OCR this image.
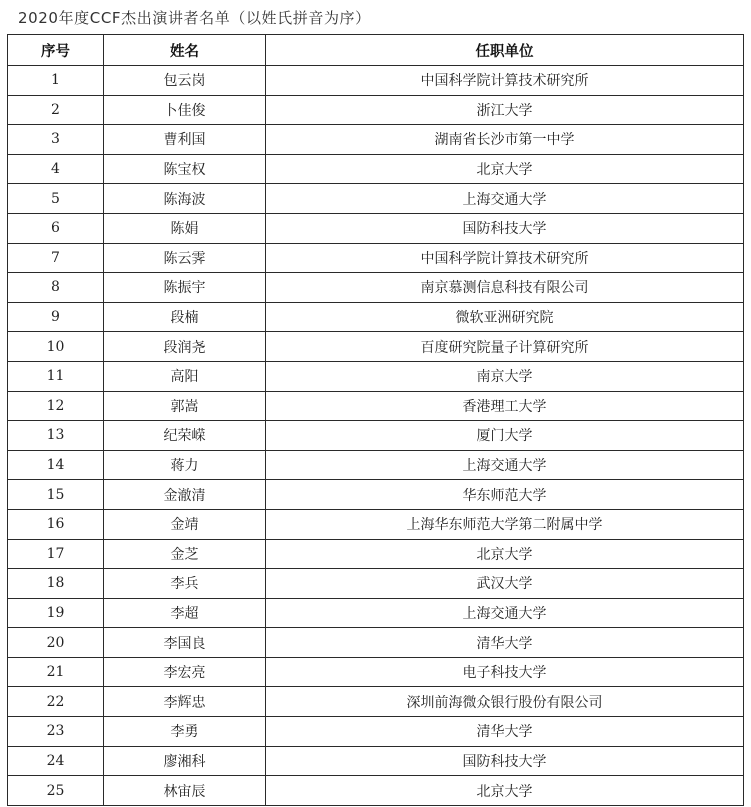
2020年度CCF杰出演讲者名单（以姓氏拼音为序）
序号	姓名	任职单位
1	包云岗	中国科学院计算技术研究所
2	卜佳俊	浙江大学
3	曹利国	湖南省长沙市第一中学
4	陈宝权	北京大学
5	陈海波	上海交通大学
6	陈娟	国防科技大学
7	陈云霁	中国科学院计算技术研究所
8	陈振宇	南京慕测信息科技有限公司
9	段楠	微软亚洲研究院
10	段润尧	百度研究院量子计算研究所
11	高阳	南京大学
12	郭嵩	香港理工大学
13	纪荣嵘	厦门大学
14	蒋力	上海交通大学
15	金澈清	华东师范大学
16	金靖	上海华东师范大学第二附属中学
17	金芝	北京大学
18	李兵	武汉大学
19	李超	上海交通大学
20	李国良	清华大学
21	李宏亮	电子科技大学
22	李辉忠	深圳前海微众银行股份有限公司
23	李勇	清华大学
24	廖湘科	国防科技大学
25	林宙辰	北京大学
